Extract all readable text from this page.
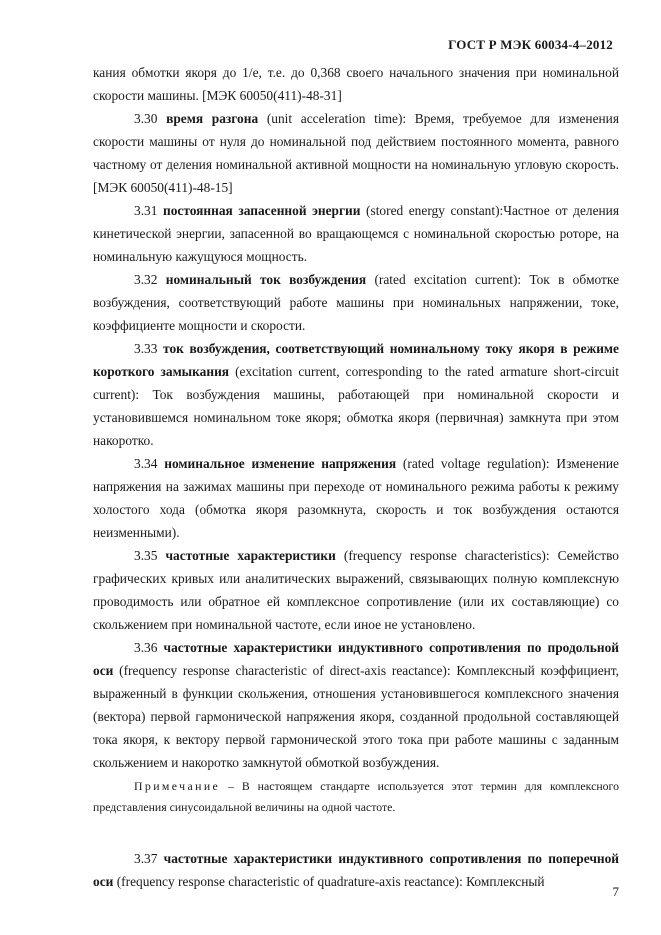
ГОСТ Р МЭК 60034-4–2012

кания обмотки якоря до 1/e, т.е. до 0,368 своего начального значения при номинальной скорости машины. [МЭК 60050(411)-48-31]

3.30 время разгона (unit acceleration time): Время, требуемое для изменения скорости машины от нуля до номинальной под действием постоянного момента, равного частному от деления номинальной активной мощности на номинальную угловую скорость. [МЭК 60050(411)-48-15]

3.31 постоянная запасенной энергии (stored energy constant):Частное от деления кинетической энергии, запасенной во вращающемся с номинальной скоростью роторе, на номинальную кажущуюся мощность.

3.32 номинальный ток возбуждения (rated excitation current): Ток в обмотке возбуждения, соответствующий работе машины при номинальных напряжении, токе, коэффициенте мощности и скорости.

3.33 ток возбуждения, соответствующий номинальному току якоря в режиме короткого замыкания (excitation current, corresponding to the rated armature short-circuit current): Ток возбуждения машины, работающей при номинальной скорости и установившемся номинальном токе якоря; обмотка якоря (первичная) замкнута при этом накоротко.

3.34 номинальное изменение напряжения (rated voltage regulation): Изменение напряжения на зажимах машины при переходе от номинального режима работы к режиму холостого хода (обмотка якоря разомкнута, скорость и ток возбуждения остаются неизменными).

3.35 частотные характеристики (frequency response characteristics): Семейство графических кривых или аналитических выражений, связывающих полную комплексную проводимость или обратное ей комплексное сопротивление (или их составляющие) со скольжением при номинальной частоте, если иное не установлено.

3.36 частотные характеристики индуктивного сопротивления по продольной оси (frequency response characteristic of direct-axis reactance): Комплексный коэффициент, выраженный в функции скольжения, отношения установившегося комплексного значения (вектора) первой гармонической напряжения якоря, созданной продольной составляющей тока якоря, к вектору первой гармонической этого тока при работе машины с заданным скольжением и накоротко замкнутой обмоткой возбуждения.

Примечание – В настоящем стандарте используется этот термин для комплексного представления синусоидальной величины на одной частоте.

3.37 частотные характеристики индуктивного сопротивления по поперечной оси (frequency response characteristic of quadrature-axis reactance): Комплексный

7
